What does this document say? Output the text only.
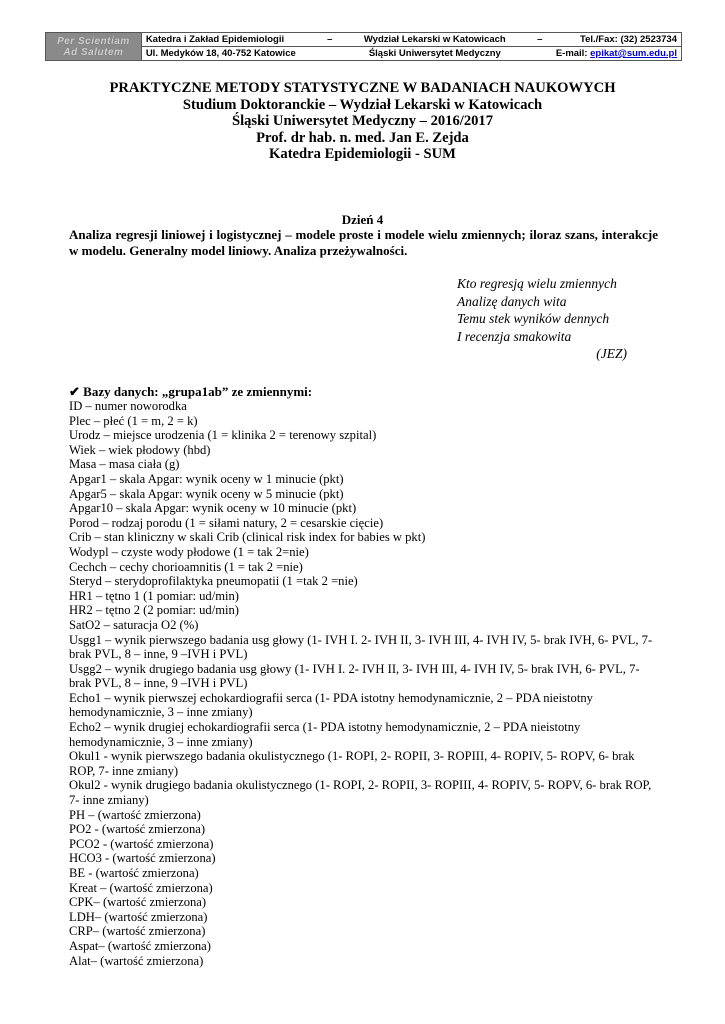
Per Scientiam
Ad Salutem
Katedra i Zakład Epidemiologii	–	Wydział Lekarski w Katowicach	–	Tel./Fax: (32) 2523734
Ul. Medyków 18, 40-752 Katowice	Śląski Uniwersytet Medyczny	E-mail: epikat@sum.edu.pl
PRAKTYCZNE METODY STATYSTYCZNE W BADANIACH NAUKOWYCH
Studium Doktoranckie – Wydział Lekarski w Katowicach
Śląski Uniwersytet Medyczny – 2016/2017
Prof. dr hab. n. med. Jan E. Zejda
Katedra Epidemiologii - SUM
Dzień 4
Analiza regresji liniowej i logistycznej – modele proste i modele wielu zmiennych; iloraz szans, interakcje w modelu. Generalny model liniowy. Analiza przeżywalności.
Kto regresją wielu zmiennych
Analizę danych wita
Temu stek wyników dennych
I recenzja smakowita
(JEZ)
✔ Bazy danych: „grupa1ab” ze zmiennymi:
ID – numer noworodka
Plec – płeć (1 = m, 2 = k)
Urodz – miejsce urodzenia (1 = klinika 2 = terenowy szpital)
Wiek – wiek płodowy (hbd)
Masa – masa ciała (g)
Apgar1 – skala Apgar: wynik oceny w 1 minucie (pkt)
Apgar5 – skala Apgar: wynik oceny w 5 minucie (pkt)
Apgar10 – skala Apgar: wynik oceny w 10 minucie (pkt)
Porod – rodzaj porodu (1 = siłami natury, 2 = cesarskie cięcie)
Crib – stan kliniczny w skali Crib (clinical risk index for babies w pkt)
Wodypl – czyste wody płodowe (1 = tak 2=nie)
Cechch – cechy chorioamnitis (1 = tak 2 =nie)
Steryd – sterydoprofilaktyka pneumopatii (1 =tak 2 =nie)
HR1 – tętno 1 (1 pomiar: ud/min)
HR2 – tętno 2 (2 pomiar: ud/min)
SatO2 – saturacja O2 (%)
Usgg1 – wynik pierwszego badania usg głowy (1- IVH I. 2- IVH II, 3- IVH III, 4- IVH IV, 5- brak IVH, 6- PVL, 7- brak PVL, 8 – inne, 9 –IVH i PVL)
Usgg2 – wynik drugiego badania usg głowy (1- IVH I. 2- IVH II, 3- IVH III, 4- IVH IV, 5- brak IVH, 6- PVL, 7- brak PVL, 8 – inne, 9 –IVH i PVL)
Echo1 – wynik pierwszej echokardiografii serca (1- PDA istotny hemodynamicznie, 2 – PDA nieistotny hemodynamicznie, 3 – inne zmiany)
Echo2 – wynik drugiej echokardiografii serca (1- PDA istotny hemodynamicznie, 2 – PDA nieistotny hemodynamicznie, 3 – inne zmiany)
Okul1 - wynik pierwszego badania okulistycznego (1- ROPI, 2- ROPII, 3- ROPIII, 4- ROPIV, 5- ROPV, 6- brak ROP, 7- inne zmiany)
Okul2 - wynik drugiego badania okulistycznego (1- ROPI, 2- ROPII, 3- ROPIII, 4- ROPIV, 5- ROPV, 6- brak ROP, 7- inne zmiany)
PH – (wartość zmierzona)
PO2 - (wartość zmierzona)
PCO2 - (wartość zmierzona)
HCO3 - (wartość zmierzona)
BE - (wartość zmierzona)
Kreat – (wartość zmierzona)
CPK– (wartość zmierzona)
LDH– (wartość zmierzona)
CRP– (wartość zmierzona)
Aspat– (wartość zmierzona)
Alat– (wartość zmierzona)
